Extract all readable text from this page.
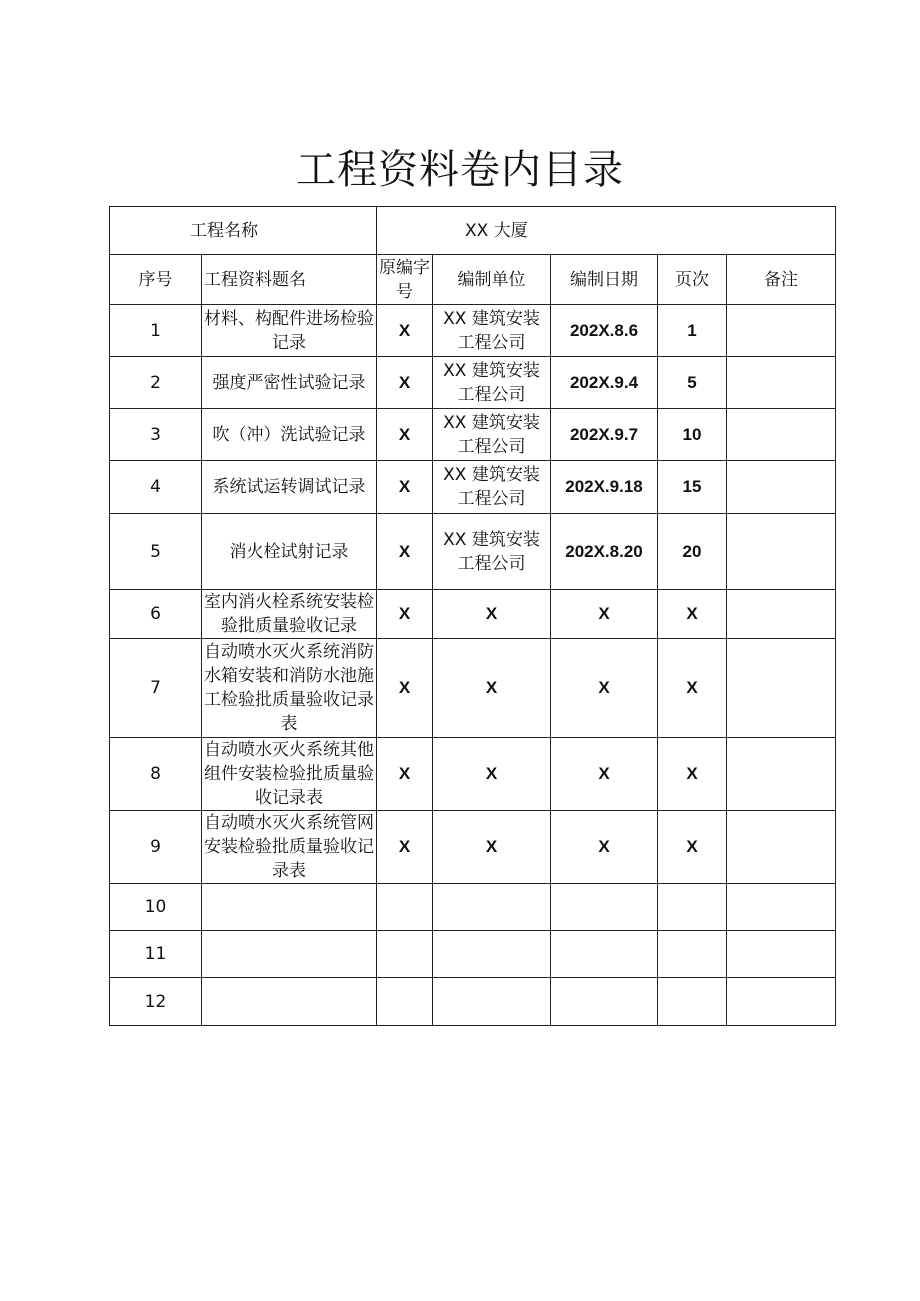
工程资料卷内目录
工程名称		XX 大厦				
序号	工程资料题名	原编字号	编制单位	编制日期	页次	备注
1	材料、构配件进场检验记录	X	XX 建筑安装工程公司	202X.8.6	1	
2	强度严密性试验记录	X	XX 建筑安装工程公司	202X.9.4	5	
3	吹（冲）洗试验记录	X	XX 建筑安装工程公司	202X.9.7	10	
4	系统试运转调试记录	X	XX 建筑安装工程公司	202X.9.18	15	
5	消火栓试射记录	X	XX 建筑安装工程公司	202X.8.20	20	
6	室内消火栓系统安装检验批质量验收记录	X	X	X	X	
7	自动喷水灭火系统消防水箱安装和消防水池施工检验批质量验收记录表	X	X	X	X	
8	自动喷水灭火系统其他组件安装检验批质量验收记录表	X	X	X	X	
9	自动喷水灭火系统管网安装检验批质量验收记录表	X	X	X	X	
10						
11						
12						
